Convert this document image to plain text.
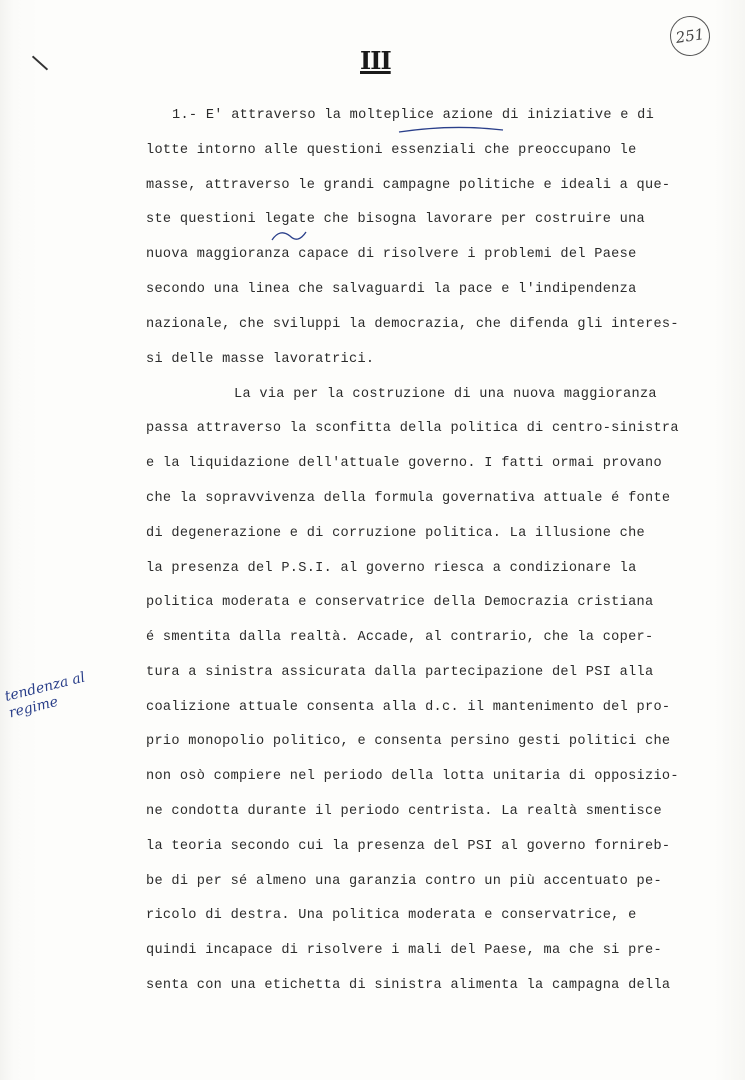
251
III
tendenza al
regime
1.- E' attraverso la molteplice azione di iniziative e di
lotte intorno alle questioni essenziali che preoccupano le
masse, attraverso le grandi campagne politiche e ideali a que-
ste questioni legate che bisogna lavorare per costruire una
nuova maggioranza capace di risolvere i problemi del Paese
secondo una linea che salvaguardi la pace e l'indipendenza
nazionale, che sviluppi la democrazia, che difenda gli interes-
si delle masse lavoratrici.
La via per la costruzione di una nuova maggioranza
passa attraverso la sconfitta della politica di centro-sinistra
e la liquidazione dell'attuale governo. I fatti ormai provano
che la sopravvivenza della formula governativa attuale é fonte
di degenerazione e di corruzione politica. La illusione che
la presenza del P.S.I. al governo riesca a condizionare la
politica moderata e conservatrice della Democrazia cristiana
é smentita dalla realtà. Accade, al contrario, che la coper-
tura a sinistra assicurata dalla partecipazione del PSI alla
coalizione attuale consenta alla d.c. il mantenimento del pro-
prio monopolio politico, e consenta persino gesti politici che
non osò compiere nel periodo della lotta unitaria di opposizio-
ne condotta durante il periodo centrista. La realtà smentisce
la teoria secondo cui la presenza del PSI al governo fornireb-
be di per sé almeno una garanzia contro un più accentuato pe-
ricolo di destra. Una politica moderata e conservatrice, e
quindi incapace di risolvere i mali del Paese, ma che si pre-
senta con una etichetta di sinistra alimenta la campagna della
